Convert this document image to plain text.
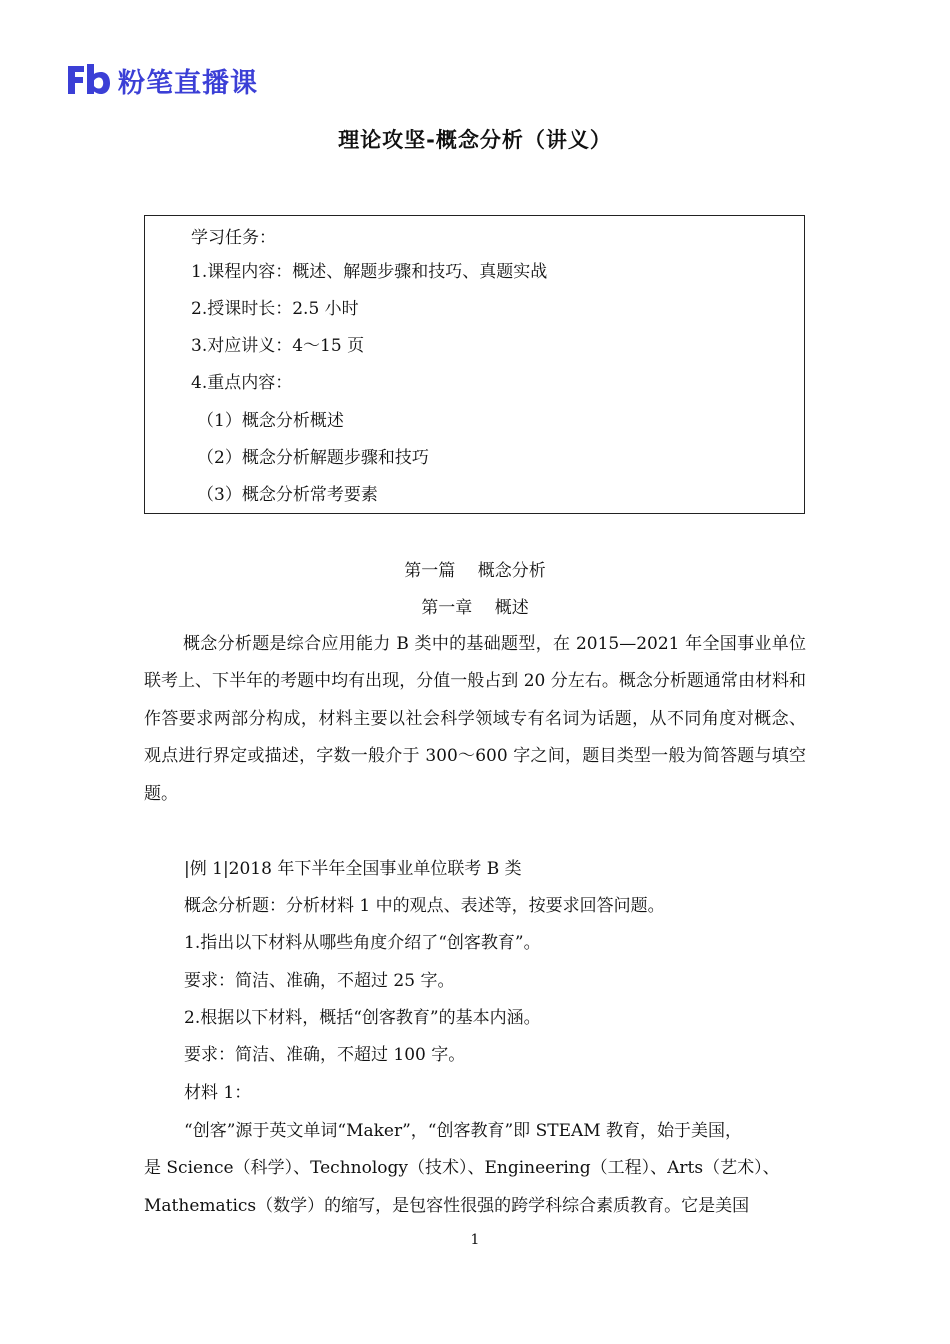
粉笔直播课
理论攻坚-概念分析（讲义）
学习任务：
1.课程内容：概述、解题步骤和技巧、真题实战
2.授课时长：2.5 小时
3.对应讲义：4～15 页
4.重点内容：
（1）概念分析概述
（2）概念分析解题步骤和技巧
（3）概念分析常考要素
第一篇　 概念分析
第一章　 概述
概念分析题是综合应用能力 B 类中的基础题型，在 2015—2021 年全国事业单位联考上、下半年的考题中均有出现，分值一般占到 20 分左右。概念分析题通常由材料和作答要求两部分构成，材料主要以社会科学领域专有名词为话题，从不同角度对概念、观点进行界定或描述，字数一般介于 300～600 字之间，题目类型一般为简答题与填空题。
|例 1|2018 年下半年全国事业单位联考 B 类
概念分析题：分析材料 1 中的观点、表述等，按要求回答问题。
1.指出以下材料从哪些角度介绍了“创客教育”。
要求：简洁、准确，不超过 25 字。
2.根据以下材料，概括“创客教育”的基本内涵。
要求：简洁、准确，不超过 100 字。
材料 1：
“创客”源于英文单词“Maker”，“创客教育”即 STEAM 教育，始于美国，
是 Science（科学）、Technology（技术）、Engineering（工程）、Arts（艺术）、
Mathematics（数学）的缩写，是包容性很强的跨学科综合素质教育。它是美国
1
